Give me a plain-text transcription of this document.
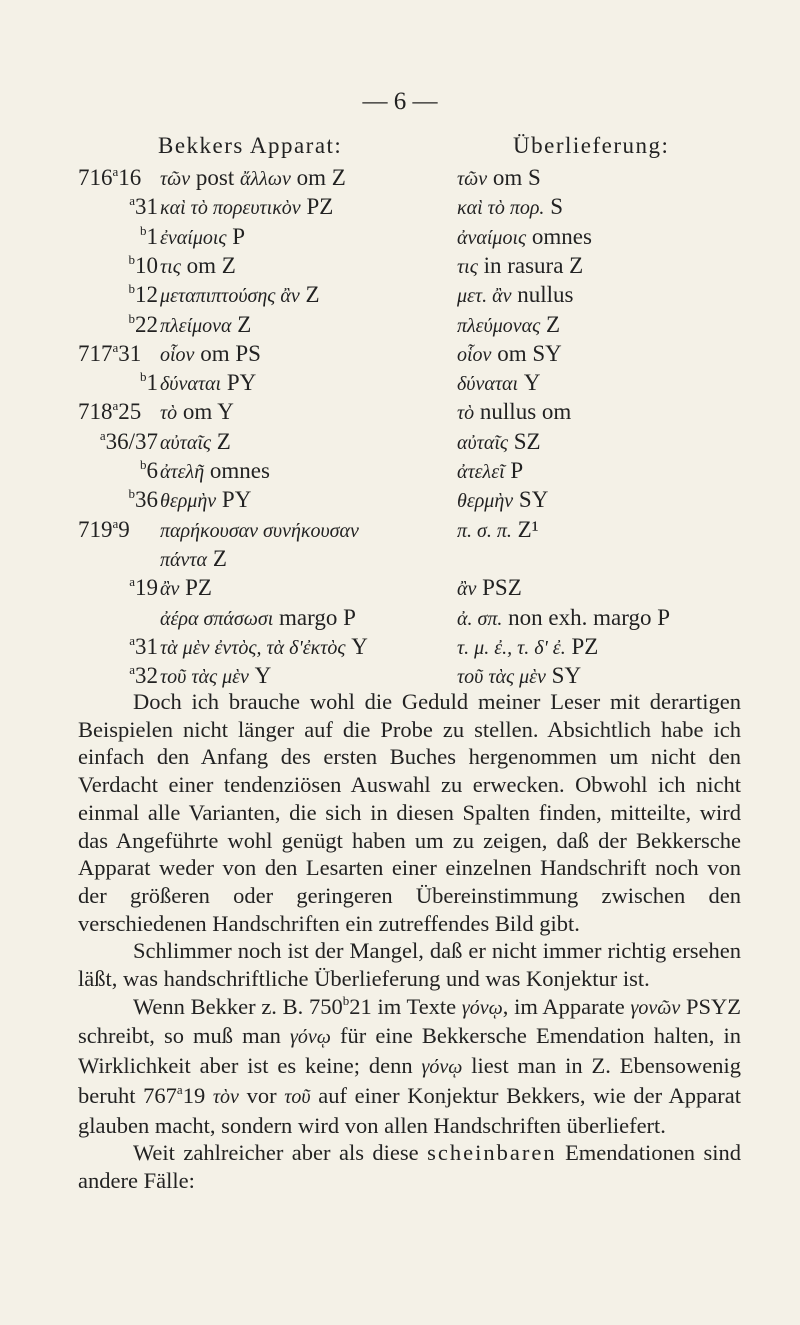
— 6 —
Bekkers Apparat:	Überlieferung:
716$^a$16 τῶν post ἄλλων om Z	τῶν om S
$^a$31 καὶ τὸ πορευτικὸν PZ	καὶ τὸ πορ. S
$^b$1 ἐναίμοις P	ἀναίμοις omnes
$^b$10 τις om Z	τις in rasura Z
$^b$12 μεταπιπτούσης ἂν Z	μετ. ἂν nullus
$^b$22 πλείμονα Z	πλεύμονας Z
717$^a$31 οἷον om PS	οἷον om SY
$^b$1 δύναται PY	δύναται Y
718$^a$25 τὸ om Y	τὸ nullus om
$^a$36/37 αὐταῖς Z	αὐταῖς SZ
$^b$6 ἀτελῆ omnes	ἀτελεῖ P
$^b$36 θερμὴν PY	θερμὴν SY
719$^a$9 παρήκουσαν συνήκουσαν	π. σ. π. Z¹
πάντα Z
$^a$19 ἂν PZ	ἂν PSZ
ἀέρα σπάσωσι margo P	ἀ. σπ. non exh. margo P
$^a$31 τὰ μὲν ἐντὸς, τὰ δ'ἐκτὸς Y	τ. μ. ἐ., τ. δ' ἐ. PZ
$^a$32 τοῦ τὰς μὲν Y	τοῦ τὰς μὲν SY

Doch ich brauche wohl die Geduld meiner Leser mit derartigen Beispielen nicht länger auf die Probe zu stellen. Absichtlich habe ich einfach den Anfang des ersten Buches hergenommen um nicht den Verdacht einer tendenziösen Auswahl zu erwecken. Obwohl ich nicht einmal alle Varianten, die sich in diesen Spalten finden, mitteilte, wird das Angeführte wohl genügt haben um zu zeigen, daß der Bekkersche Apparat weder von den Lesarten einer einzelnen Handschrift noch von der größeren oder geringeren Übereinstimmung zwischen den verschiedenen Handschriften ein zutreffendes Bild gibt.

Schlimmer noch ist der Mangel, daß er nicht immer richtig ersehen läßt, was handschriftliche Überlieferung und was Konjektur ist.

Wenn Bekker z. B. 750$^b$21 im Texte γόνῳ, im Apparate γονῶν PSYZ schreibt, so muß man γόνῳ für eine Bekkersche Emendation halten, in Wirklichkeit aber ist es keine; denn γόνῳ liest man in Z. Ebensowenig beruht 767$^a$19 τὸν vor τοῦ auf einer Konjektur Bekkers, wie der Apparat glauben macht, sondern wird von allen Handschriften überliefert.

Weit zahlreicher aber als diese scheinbaren Emendationen sind andere Fälle:
